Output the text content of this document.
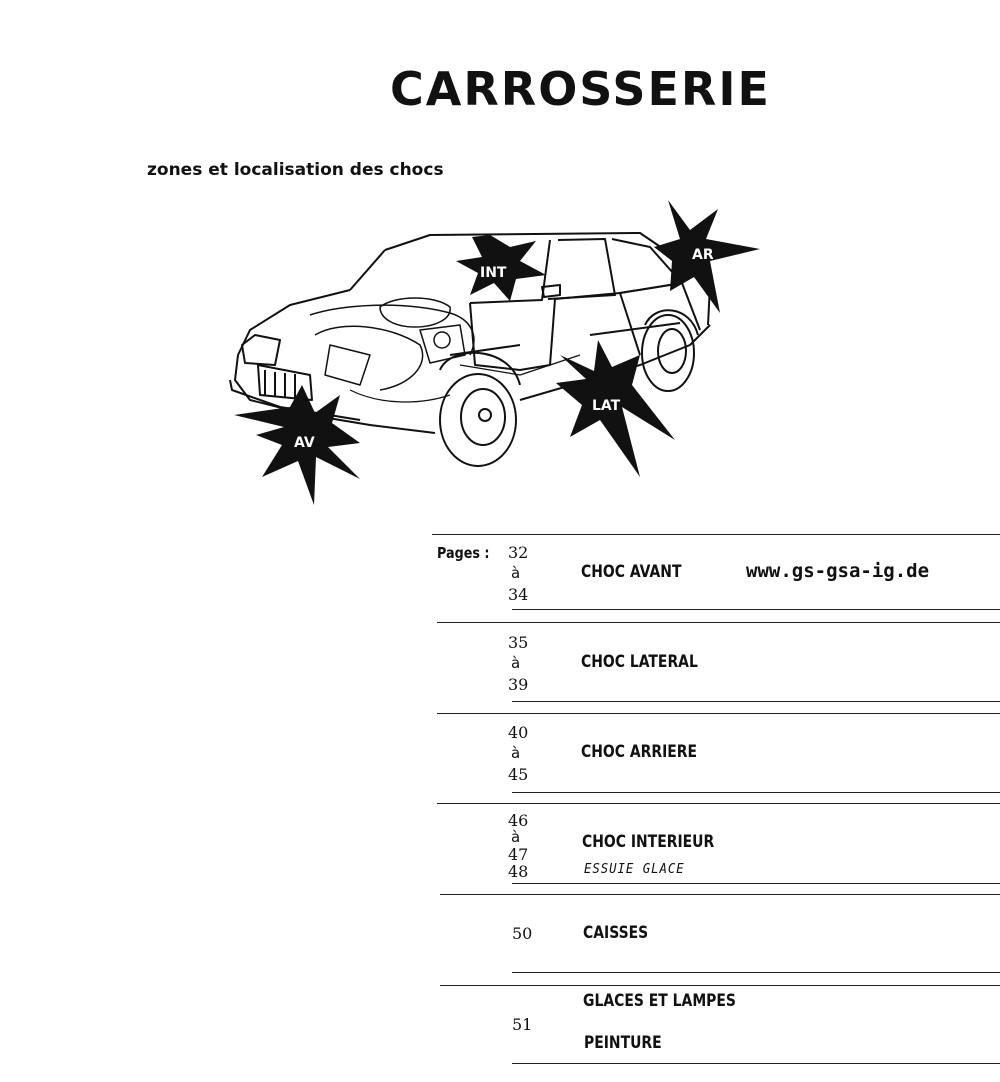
CARROSSERIE
zones et localisation des chocs
INT
AR
LAT
AV
Pages :
www.gs-gsa-ig.de
32
à
34
CHOC AVANT
35
à
39
CHOC LATERAL
40
à
45
CHOC ARRIERE
46
à
47
48
CHOC INTERIEUR
ESSUIE GLACE
50	CAISSES
51
GLACES ET LAMPES
PEINTURE
